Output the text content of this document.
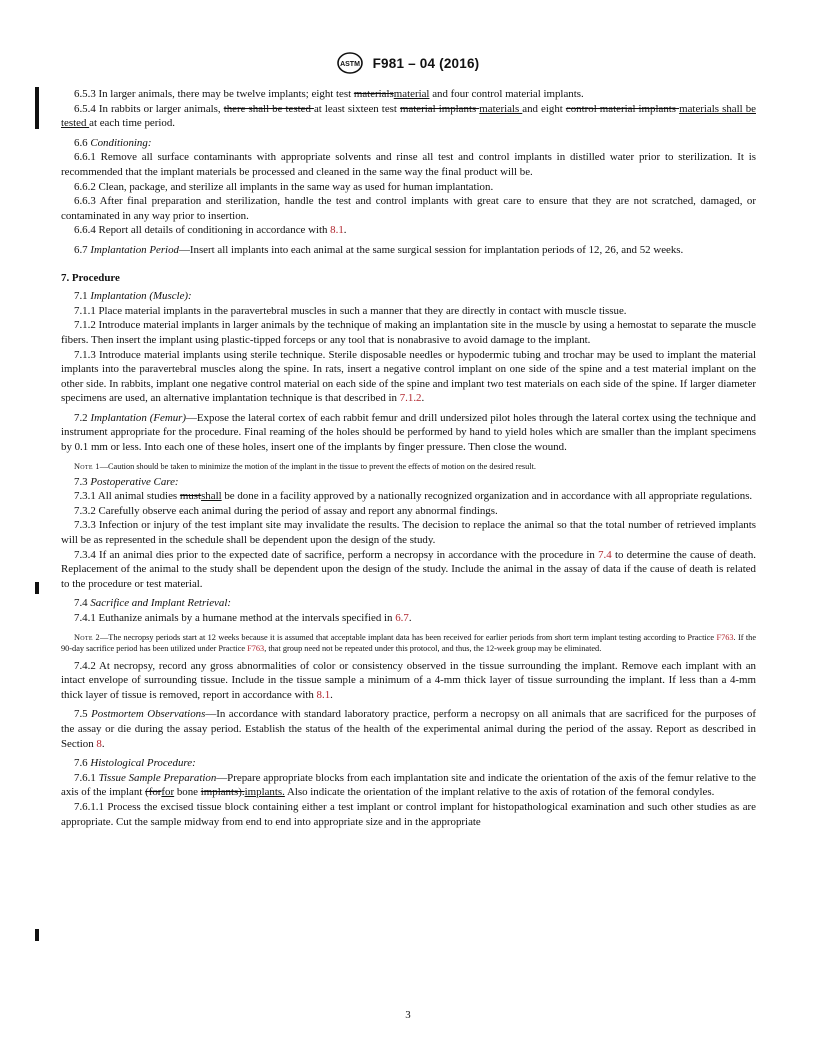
ASTM F981 – 04 (2016)

6.5.3 In larger animals, there may be twelve implants; eight test materialsmaterial and four control material implants.

6.5.4 In rabbits or larger animals, there shall be tested at least sixteen test material implants materials and eight control material implants materials shall be tested at each time period.

6.6 Conditioning:

6.6.1 Remove all surface contaminants with appropriate solvents and rinse all test and control implants in distilled water prior to sterilization. It is recommended that the implant materials be processed and cleaned in the same way the final product will be.

6.6.2 Clean, package, and sterilize all implants in the same way as used for human implantation.

6.6.3 After final preparation and sterilization, handle the test and control implants with great care to ensure that they are not scratched, damaged, or contaminated in any way prior to insertion.

6.6.4 Report all details of conditioning in accordance with 8.1.

6.7 Implantation Period—Insert all implants into each animal at the same surgical session for implantation periods of 12, 26, and 52 weeks.

7. Procedure

7.1 Implantation (Muscle):

7.1.1 Place material implants in the paravertebral muscles in such a manner that they are directly in contact with muscle tissue.

7.1.2 Introduce material implants in larger animals by the technique of making an implantation site in the muscle by using a hemostat to separate the muscle fibers. Then insert the implant using plastic-tipped forceps or any tool that is nonabrasive to avoid damage to the implant.

7.1.3 Introduce material implants using sterile technique. Sterile disposable needles or hypodermic tubing and trochar may be used to implant the material implants into the paravertebral muscles along the spine. In rats, insert a negative control implant on one side of the spine and a test material implant on the other side. In rabbits, implant one negative control material on each side of the spine and implant two test materials on each side of the spine. If larger diameter specimens are used, an alternative implantation technique is that described in 7.1.2.

7.2 Implantation (Femur)—Expose the lateral cortex of each rabbit femur and drill undersized pilot holes through the lateral cortex using the technique and instrument appropriate for the procedure. Final reaming of the holes should be performed by hand to yield holes which are smaller than the implant specimens by 0.1 mm or less. Into each one of these holes, insert one of the implants by finger pressure. Then close the wound.

Note 1—Caution should be taken to minimize the motion of the implant in the tissue to prevent the effects of motion on the desired result.

7.3 Postoperative Care:

7.3.1 All animal studies mustshall be done in a facility approved by a nationally recognized organization and in accordance with all appropriate regulations.

7.3.2 Carefully observe each animal during the period of assay and report any abnormal findings.

7.3.3 Infection or injury of the test implant site may invalidate the results. The decision to replace the animal so that the total number of retrieved implants will be as represented in the schedule shall be dependent upon the design of the study.

7.3.4 If an animal dies prior to the expected date of sacrifice, perform a necropsy in accordance with the procedure in 7.4 to determine the cause of death. Replacement of the animal to the study shall be dependent upon the design of the study. Include the animal in the assay of data if the cause of death is related to the procedure or test material.

7.4 Sacrifice and Implant Retrieval:

7.4.1 Euthanize animals by a humane method at the intervals specified in 6.7.

Note 2—The necropsy periods start at 12 weeks because it is assumed that acceptable implant data has been received for earlier periods from short term implant testing according to Practice F763. If the 90-day sacrifice period has been utilized under Practice F763, that group need not be repeated under this protocol, and thus, the 12-week group may be eliminated.

7.4.2 At necropsy, record any gross abnormalities of color or consistency observed in the tissue surrounding the implant. Remove each implant with an intact envelope of surrounding tissue. Include in the tissue sample a minimum of a 4-mm thick layer of tissue surrounding the implant. If less than a 4-mm thick layer of tissue is removed, report in accordance with 8.1.

7.5 Postmortem Observations—In accordance with standard laboratory practice, perform a necropsy on all animals that are sacrificed for the purposes of the assay or die during the assay period. Establish the status of the health of the experimental animal during the period of the assay. Report as described in Section 8.

7.6 Histological Procedure:

7.6.1 Tissue Sample Preparation—Prepare appropriate blocks from each implantation site and indicate the orientation of the axis of the femur relative to the axis of the implant (forfor bone implants).implants. Also indicate the orientation of the implant relative to the axis of rotation of the femoral condyles.

7.6.1.1 Process the excised tissue block containing either a test implant or control implant for histopathological examination and such other studies as are appropriate. Cut the sample midway from end to end into appropriate size and in the appropriate

3
